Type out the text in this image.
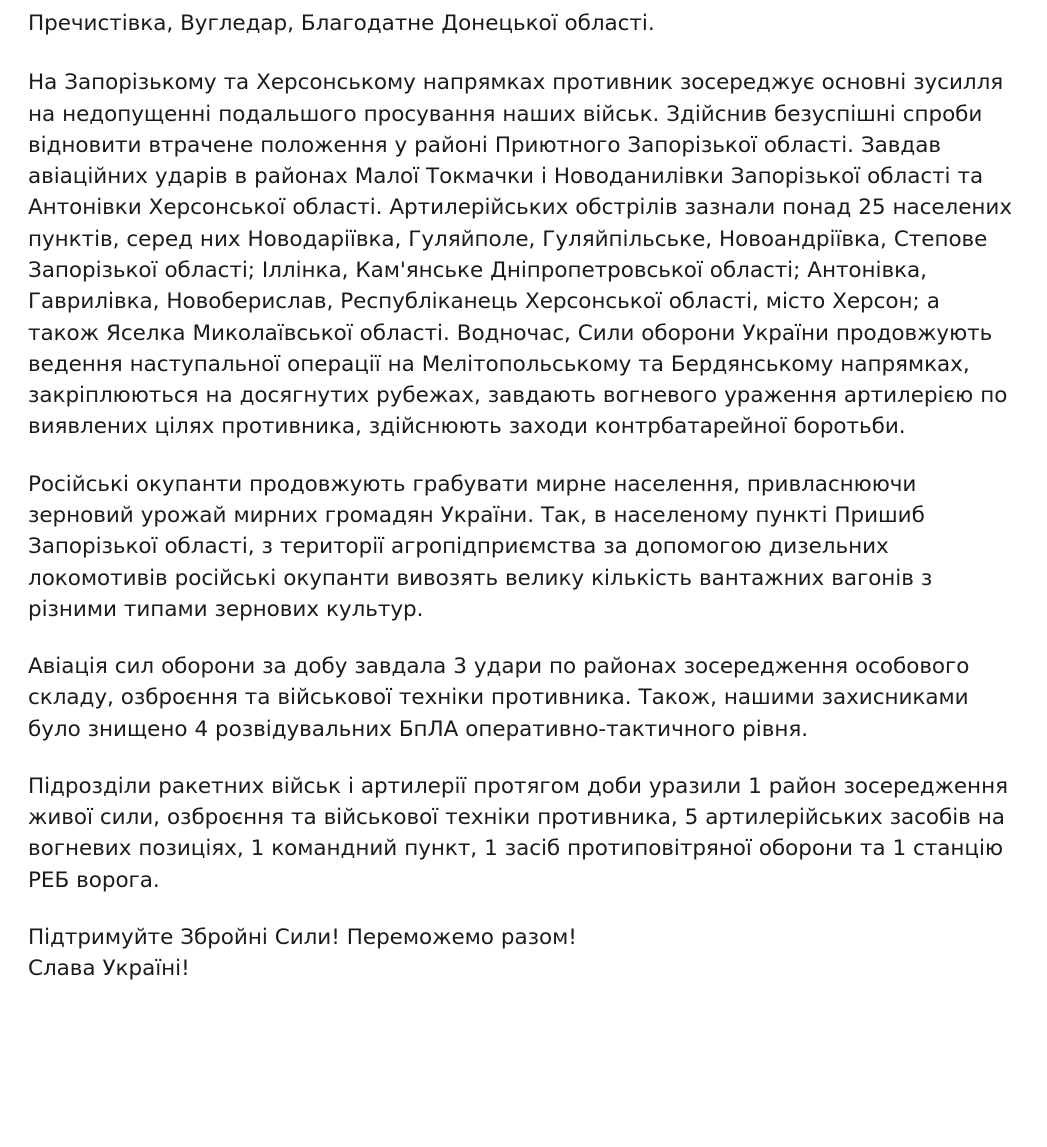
Пречистівка, Вугледар, Благодатне Донецької області.

На Запорізькому та Херсонському напрямках противник зосереджує основні зусилля на недопущенні подальшого просування наших військ. Здійснив безуспішні спроби відновити втрачене положення у районі Приютного Запорізької області. Завдав авіаційних ударів в районах Малої Токмачки і Новоданилівки Запорізької області та Антонівки Херсонської області. Артилерійських обстрілів зазнали понад 25 населених пунктів, серед них Новодаріївка, Гуляйполе, Гуляйпільське, Новоандріївка, Степове Запорізької області; Іллінка, Кам'янське Дніпропетровської області; Антонівка, Гаврилівка, Новоберислав, Республіканець Херсонської області, місто Херсон; а також Яселка Миколаївської області. Водночас, Сили оборони України продовжують ведення наступальної операції на Мелітопольському та Бердянському напрямках, закріплюються на досягнутих рубежах, завдають вогневого ураження артилерією по виявлених цілях противника, здійснюють заходи контрбатарейної боротьби.

Російські окупанти продовжують грабувати мирне населення, привласнюючи зерновий урожай мирних громадян України. Так, в населеному пункті Пришиб Запорізької області, з території агропідприємства за допомогою дизельних локомотивів російські окупанти вивозять велику кількість вантажних вагонів з різними типами зернових культур.

Авіація сил оборони за добу завдала 3 удари по районах зосередження особового складу, озброєння та військової техніки противника. Також, нашими захисниками було знищено 4 розвідувальних БпЛА оперативно-тактичного рівня.

Підрозділи ракетних військ і артилерії протягом доби уразили 1 район зосередження живої сили, озброєння та військової техніки противника, 5 артилерійських засобів на вогневих позиціях, 1 командний пункт, 1 засіб протиповітряної оборони та 1 станцію РЕБ ворога.

Підтримуйте Збройні Сили! Переможемо разом!
Слава Україні!
